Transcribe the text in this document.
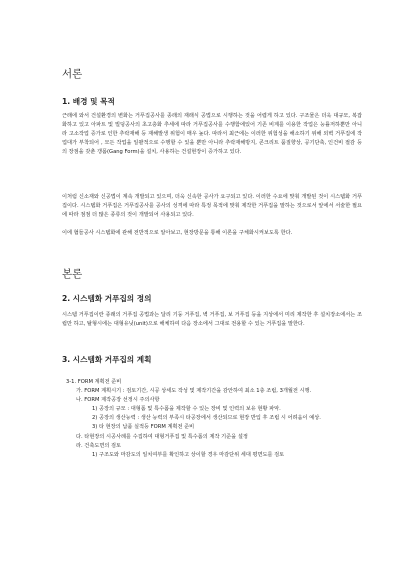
서론
1. 배경 및 목적

근래에 와서 건설환경의 변화는 거푸집공사를 종래의 재래식 공법으로 시행하는 것을 어렵게 하고 있다. 구조물은 더욱 대규모, 복잡화하고 있고 아파트 및 빌딩공사의 초고층화 추세에 따라 거푸집공사를 수행함에있어 기존 비계를 이용한 작업은 능률저하뿐만 아니라 고소작업 증가로 인한 추락재해 등 재해발생 위험이 매우 높다. 따라서 최근에는 이러한 위험성을 해소하기 위해 외벽 거푸집에 작업대가 부착되어 , 모든 작업을 일괄적으로 수행할 수 있을 뿐만 아니라 추락재해방지, 콘크리트 품질향상, 공기단축, 인건비 절감 등의 장점을 갖춘 갱폼(Gang Form)을 설치, 사용하는 건설현장이 증가하고 있다.

이처럼 신소재와 신공법이 계속 개발되고 있으며, 더욱 신속한 공사가 요구되고 있다. 이러한 수요에 맞춰 개발된 것이 시스템화 거푸집이다. 시스템화 거푸집은 거푸집공사를 공사의 성격에 따라 특정 목적에 맞춰 제작한 거푸집을 말하는 것으로서 앞에서 서술한 필요에 따라 점점 더 많은 종류의 것이 개발되어 사용되고 있다.

이에 협들공사 시스템화에 관해 전반적으로 알아보고, 현장방문을 통해 이론을 구체화시켜보도록 한다.

본론
2. 시스템화 거푸집의 정의

시스템 거푸집이란 종래의 거푸집 공법과는 달리 기둥 거푸집, 벽 거푸집, 보 거푸집 등을 지상에서 미리 제작한 후 설치장소에서는 조립만 하고, 탈형시에는 대형유닛(unit)으로 해체하여 다음 장소에서 그대로 전용할 수 있는 거푸집을 말한다.

3. 시스템화 거푸집의 계획
3-1. FORM 계획전 준비
가. FORM 계획시기 : 검토기간, 시공 상세도 작성 및 제작기간을 감안하여 최소 1층 조립, 3개월전 시행.
나. FORM 제작공장 선정시 주의사항
1) 공장의 규모 : 대형폼 및 특수폼을 제작할 수 있는 장비 및 인력의 보유 현황 파악.
2) 공장의 생산능력 : 생산 능력의 부족시 타공장에서 생산되므로 현장 반입 후 조립 시 어려움이 예상.
3) 타 현장의 납품 실적등 FORM 계획전 준비
다. 타현장의 시공사례를 수집하여 대형거푸집 및 특수폼의 제작 기준을 설정
라. 건축도면의 검토
1) 구조도와 마감도의 일치여부를 확인하고 상이할 경우 마감단위 세대 평면도를 검토
